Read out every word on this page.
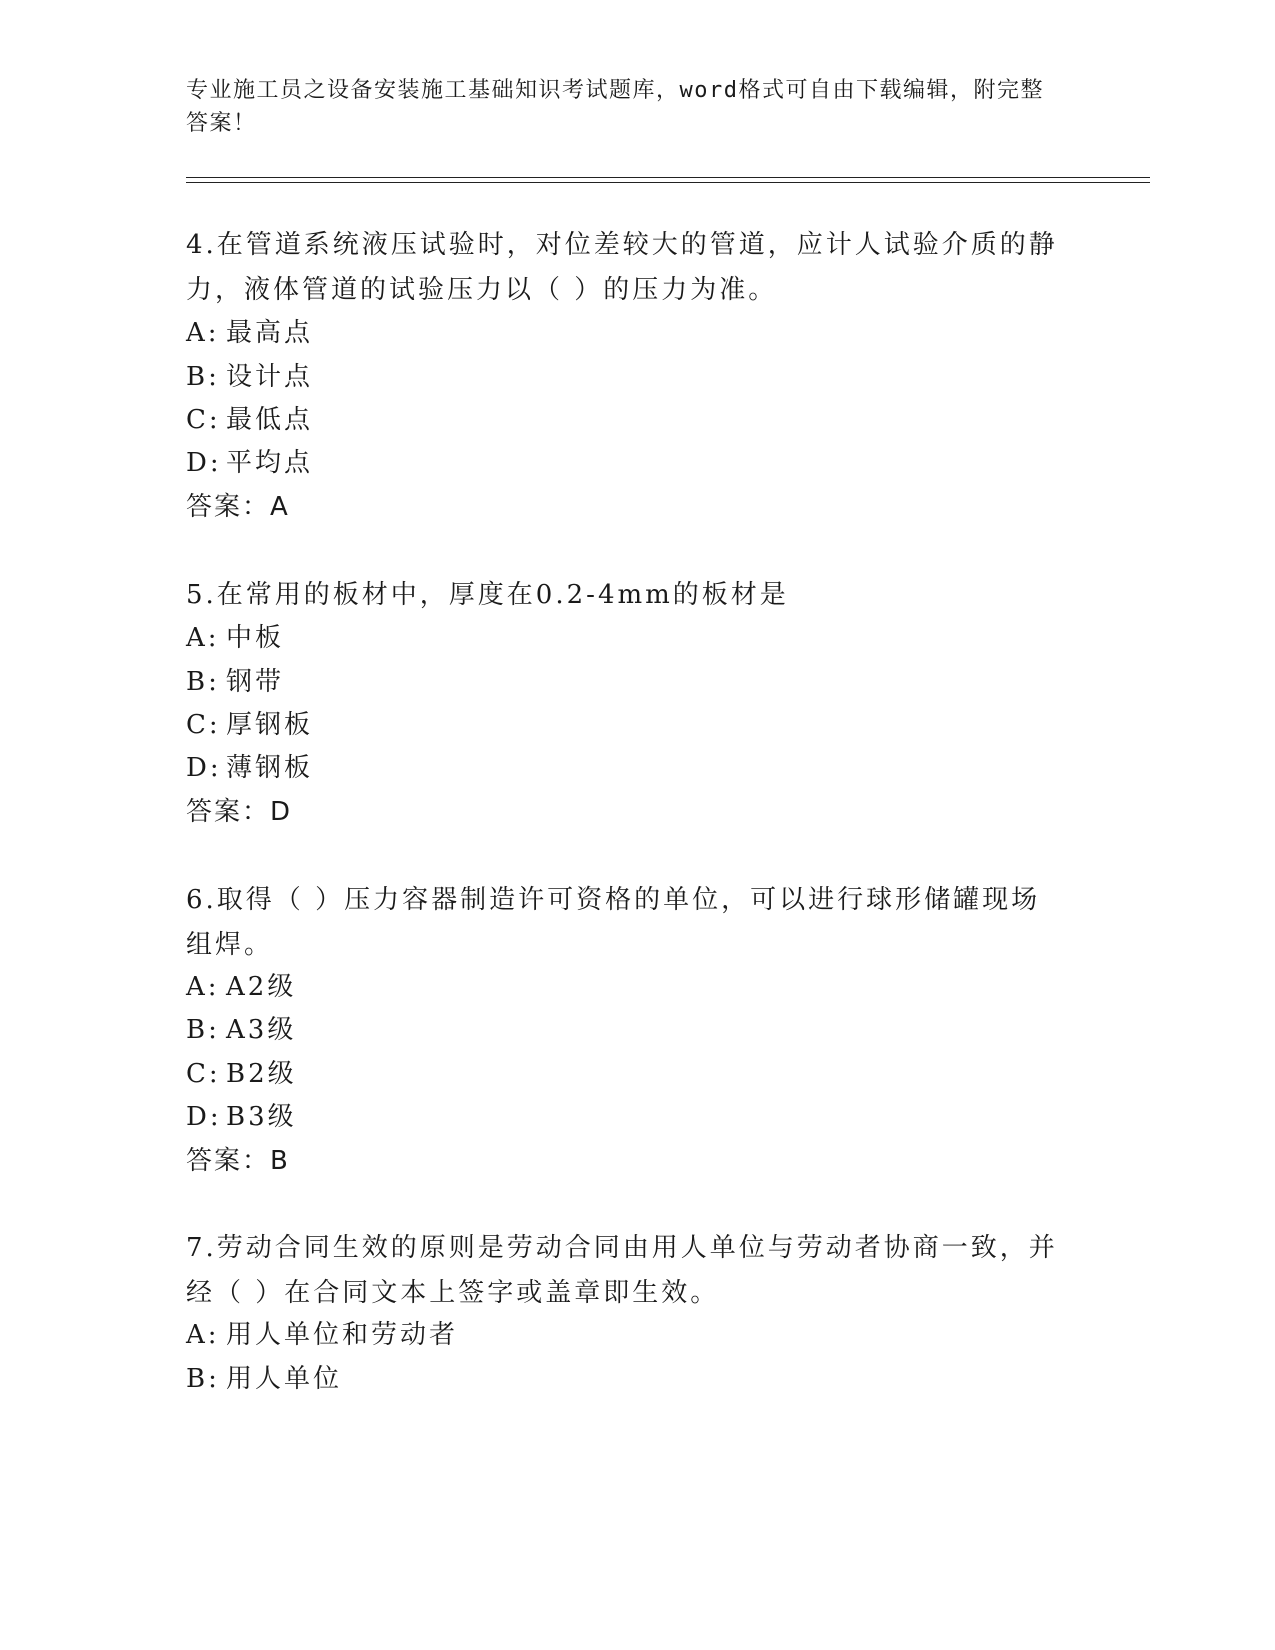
专业施工员之设备安装施工基础知识考试题库，word格式可自由下载编辑，附完整答案！
4.在管道系统液压试验时，对位差较大的管道，应计人试验介质的静力，液体管道的试验压力以（ ）的压力为准。
A: 最高点
B: 设计点
C: 最低点
D: 平均点
答案：A
5.在常用的板材中，厚度在0.2-4mm的板材是
A: 中板
B: 钢带
C: 厚钢板
D: 薄钢板
答案：D
6.取得（ ）压力容器制造许可资格的单位，可以进行球形储罐现场组焊。
A: A2级
B: A3级
C: B2级
D: B3级
答案：B
7.劳动合同生效的原则是劳动合同由用人单位与劳动者协商一致，并经（ ）在合同文本上签字或盖章即生效。
A: 用人单位和劳动者
B: 用人单位
